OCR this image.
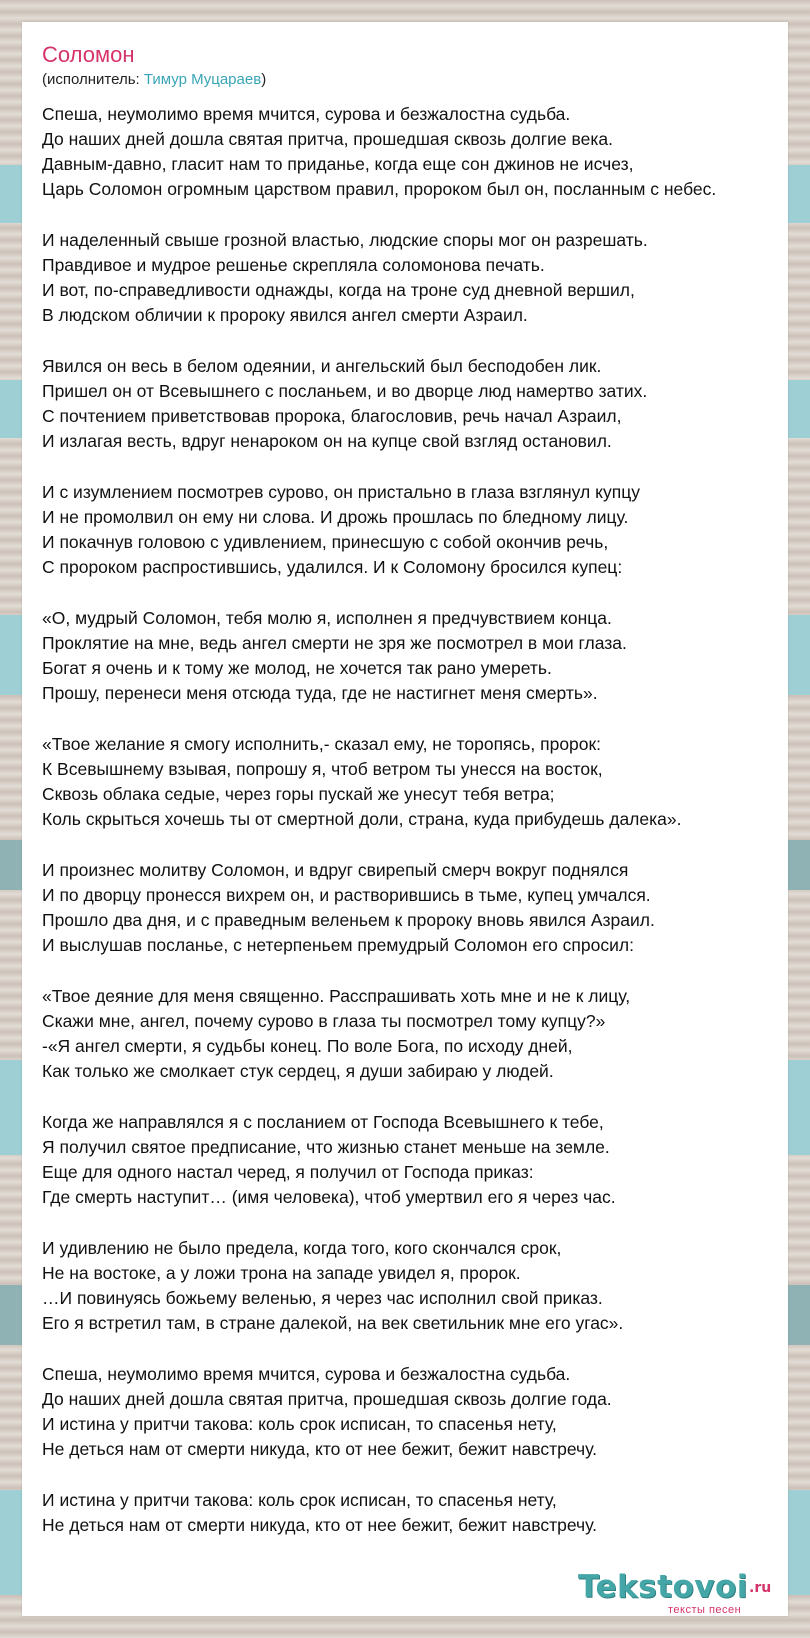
Соломон
(исполнитель: Тимур Муцараев)
Спеша, неумолимо время мчится, сурова и безжалостна судьба.
До наших дней дошла святая притча, прошедшая сквозь долгие века.
Давным-давно, гласит нам то приданье, когда еще сон джинов не исчез,
Царь Соломон огромным царством правил, пророком был он, посланным с небес.
И наделенный свыше грозной властью, людские споры мог он разрешать.
Правдивое и мудрое решенье скрепляла соломонова печать.
И вот, по-справедливости однажды, когда на троне суд дневной вершил,
В людском обличии к пророку явился ангел смерти Азраил.
Явился он весь в белом одеянии, и ангельский был бесподобен лик.
Пришел он от Всевышнего с посланьем, и во дворце люд намертво затих.
С почтением приветствовав пророка, благословив, речь начал Азраил,
И излагая весть, вдруг ненароком он на купце свой взгляд остановил.
И с изумлением посмотрев сурово, он пристально в глаза взглянул купцу
И не промолвил он ему ни слова. И дрожь прошлась по бледному лицу.
И покачнув головою с удивлением, принесшую с собой окончив речь,
С пророком распростившись, удалился. И к Соломону бросился купец:
«О, мудрый Соломон, тебя молю я, исполнен я предчувствием конца.
Проклятие на мне, ведь ангел смерти не зря же посмотрел в мои глаза.
Богат я очень и к тому же молод, не хочется так рано умереть.
Прошу, перенеси меня отсюда туда, где не настигнет меня смерть».
«Твое желание я смогу исполнить,- сказал ему, не торопясь, пророк:
К Всевышнему взывая, попрошу я, чтоб ветром ты унесся на восток,
Сквозь облака седые, через горы пускай же унесут тебя ветра;
Коль скрыться хочешь ты от смертной доли, страна, куда прибудешь далека».
И произнес молитву Соломон, и вдруг свирепый смерч вокруг поднялся
И по дворцу пронесся вихрем он, и растворившись в тьме, купец умчался.
Прошло два дня, и с праведным веленьем к пророку вновь явился Азраил.
И выслушав посланье, с нетерпеньем премудрый Соломон его спросил:
«Твое деяние для меня священно. Расспрашивать хоть мне и не к лицу,
Скажи мне, ангел, почему сурово в глаза ты посмотрел тому купцу?»
-«Я ангел смерти, я судьбы конец. По воле Бога, по исходу дней,
Как только же смолкает стук сердец, я души забираю у людей.
Когда же направлялся я с посланием от Господа Всевышнего к тебе,
Я получил святое предписание, что жизнью станет меньше на земле.
Еще для одного настал черед, я получил от Господа приказ:
Где смерть наступит… (имя человека), чтоб умертвил его я через час.
И удивлению не было предела, когда того, кого скончался срок,
Не на востоке, а у ложи трона на западе увидел я, пророк.
…И повинуясь божьему веленью, я через час исполнил свой приказ.
Его я встретил там, в стране далекой, на век светильник мне его угас».
Спеша, неумолимо время мчится, сурова и безжалостна судьба.
До наших дней дошла святая притча, прошедшая сквозь долгие года.
И истина у притчи такова: коль срок исписан, то спасенья нету,
Не деться нам от смерти никуда, кто от нее бежит, бежит навстречу.
И истина у притчи такова: коль срок исписан, то спасенья нету,
Не деться нам от смерти никуда, кто от нее бежит, бежит навстречу.
Tekstovoi .ru
тексты песен
